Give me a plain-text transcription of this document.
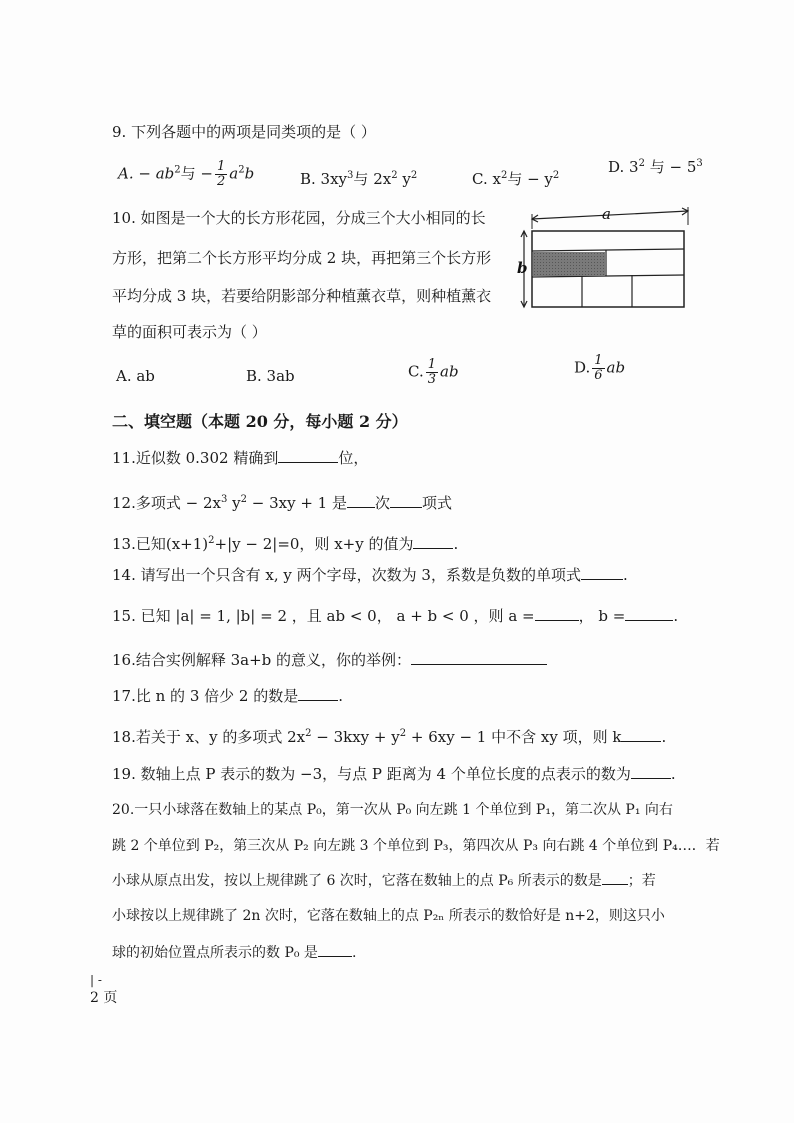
9. 下列各题中的两项是同类项的是（ ）
A. − $ab^2$与 − $\frac{1}{2} a^2b$	B. $3xy^3$与 $2x^2$ $y^2$	C. $x^2$与 − $y^2$	D. $3^2$ 与 − $5^3$
10. 如图是一个大的长方形花园，分成三个大小相同的长
方形，把第二个长方形平均分成 2 块，再把第三个长方形
平均分成 3 块，若要给阴影部分种植薰衣草，则种植薰衣
草的面积可表示为（ ）
a
b
A. ab	B. 3ab	C. $\frac{1}{3}$ ab	D. $\frac{1}{6}$ ab
二、填空题（本题 20 分，每小题 2 分）
11.近似数 0.302 精确到	位，
12.多项式 − $2x^3$ $y^2 - 3xy + 1$ 是 次 项式
13.已知$(x+1)^2+|y - 2|=0$，则 x+y 的值为	.
14. 请写出一个只含有 x, y 两个字母，次数为 3，系数是负数的单项式	.
15. 已知 |a| = 1, |b| = 2 ，且 ab < 0， a + b < 0 ，则 a =	， b =	.
16.结合实例解释 3a+b 的意义，你的举例：
17.比 n 的 3 倍少 2 的数是	.
18.若关于 x、y 的多项式 $2x^2 - 3kxy + y^2 + 6xy - 1$ 中不含 xy 项，则 k	.
19. 数轴上点 P 表示的数为 −3，与点 P 距离为 4 个单位长度的点表示的数为	.
20.一只小球落在数轴上的某点 P₀，第一次从 P₀ 向左跳 1 个单位到 P₁，第二次从 P₁ 向右
跳 2 个单位到 P₂，第三次从 P₂ 向左跳 3 个单位到 P₃，第四次从 P₃ 向右跳 4 个单位到 P₄…．若
小球从原点出发，按以上规律跳了 6 次时，它落在数轴上的点 P₆ 所表示的数是 ；若
小球按以上规律跳了 2n 次时，它落在数轴上的点 P₂ₙ 所表示的数恰好是 n+2，则这只小
球的初始位置点所表示的数 P₀ 是 .
| -
2 页
